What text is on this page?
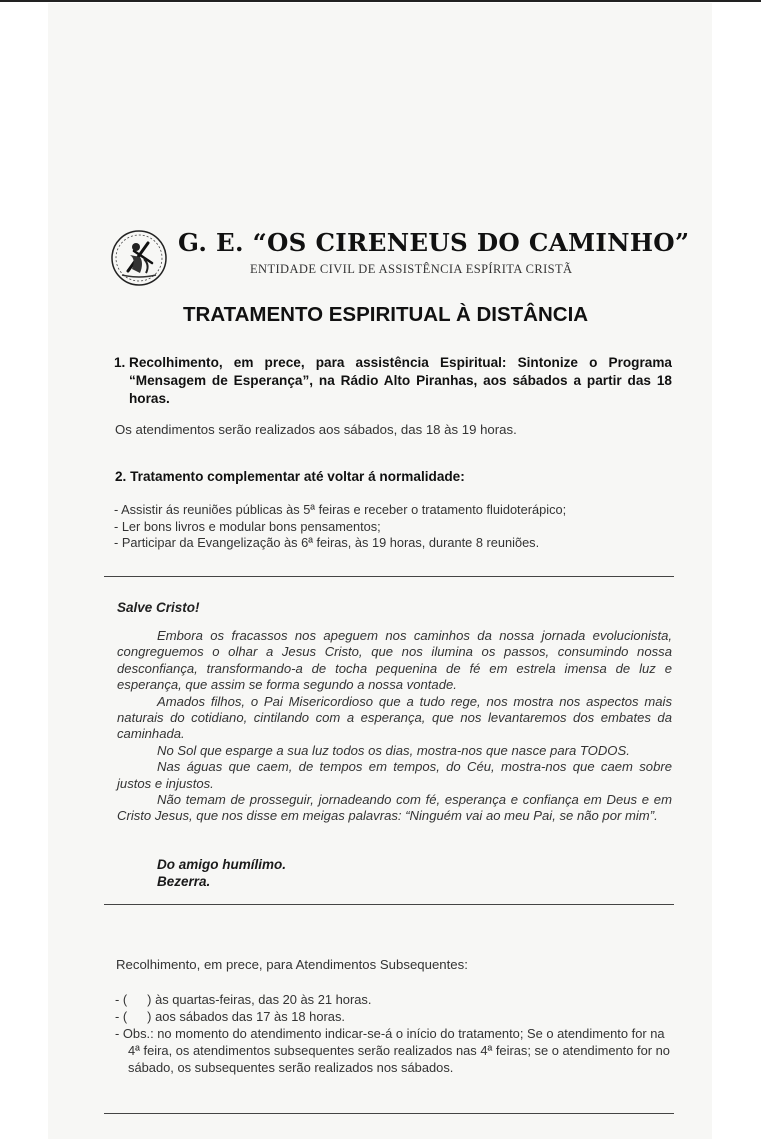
G. E. “OS CIRENEUS DO CAMINHO”
ENTIDADE CIVIL DE ASSISTÊNCIA ESPÍRITA CRISTÃ
TRATAMENTO ESPIRITUAL À DISTÂNCIA
1. Recolhimento, em prece, para assistência Espiritual: Sintonize o Programa “Mensagem de Esperança”, na Rádio Alto Piranhas, aos sábados a partir das 18 horas.
Os atendimentos serão realizados aos sábados, das 18 às 19 horas.
2. Tratamento complementar até voltar á normalidade:
- Assistir ás reuniões públicas às 5ª feiras e receber o tratamento fluidoterápico;
- Ler bons livros e modular bons pensamentos;
- Participar da Evangelização às 6ª feiras, às 19 horas, durante 8 reuniões.
Salve Cristo!

Embora os fracassos nos apeguem nos caminhos da nossa jornada evolucionista, congreguemos o olhar a Jesus Cristo, que nos ilumina os passos, consumindo nossa desconfiança, transformando-a de tocha pequenina de fé em estrela imensa de luz e esperança, que assim se forma segundo a nossa vontade.

Amados filhos, o Pai Misericordioso que a tudo rege, nos mostra nos aspectos mais naturais do cotidiano, cintilando com a esperança, que nos levantaremos dos embates da caminhada.

No Sol que esparge a sua luz todos os dias, mostra-nos que nasce para TODOS.

Nas águas que caem, de tempos em tempos, do Céu, mostra-nos que caem sobre justos e injustos.

Não temam de prosseguir, jornadeando com fé, esperança e confiança em Deus e em Cristo Jesus, que nos disse em meigas palavras: “Ninguém vai ao meu Pai, se não por mim”.

Do amigo humílimo.
Bezerra.
Recolhimento, em prece, para Atendimentos Subsequentes:
- ( ) às quartas-feiras, das 20 às 21 horas.
- ( ) aos sábados das 17 às 18 horas.
- Obs.: no momento do atendimento indicar-se-á o início do tratamento; Se o atendimento for na 4ª feira, os atendimentos subsequentes serão realizados nas 4ª feiras; se o atendimento for no sábado, os subsequentes serão realizados nos sábados.
